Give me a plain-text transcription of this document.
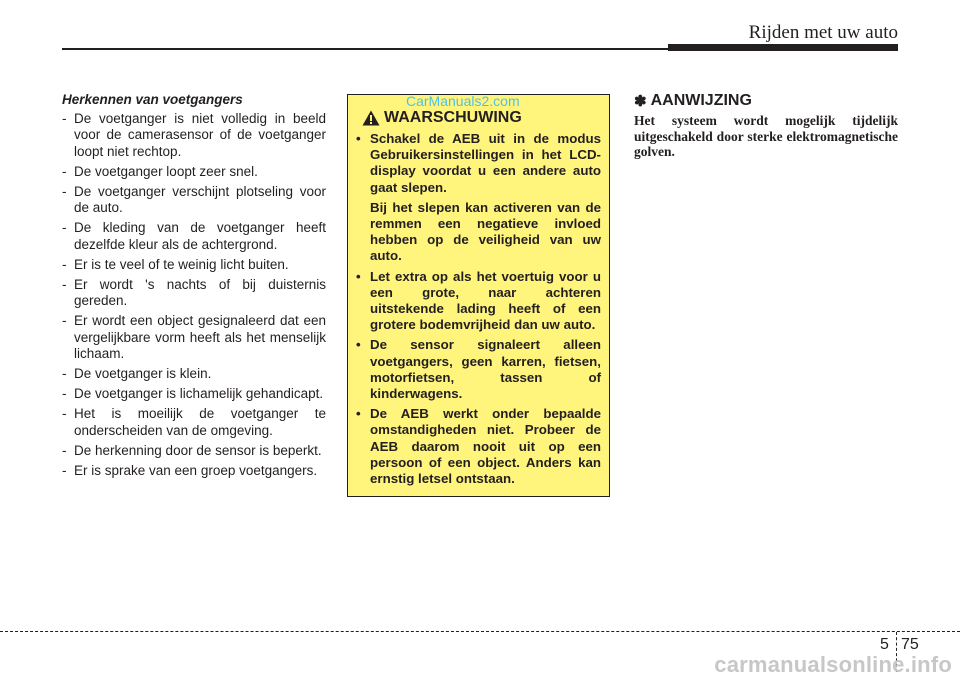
Rijden met uw auto
Herkennen van voetgangers
- De voetganger is niet volledig in beeld voor de camerasensor of de voetganger loopt niet rechtop.
- De voetganger loopt zeer snel.
- De voetganger verschijnt plotseling voor de auto.
- De kleding van de voetganger heeft dezelfde kleur als de achtergrond.
- Er is te veel of te weinig licht buiten.
- Er wordt 's nachts of bij duisternis gereden.
- Er wordt een object gesignaleerd dat een vergelijkbare vorm heeft als het menselijk lichaam.
- De voetganger is klein.
- De voetganger is lichamelijk gehandicapt.
- Het is moeilijk de voetganger te onderscheiden van de omgeving.
- De herkenning door de sensor is beperkt.
- Er is sprake van een groep voetgangers.
CarManuals2.com
WAARSCHUWING

• Schakel de AEB uit in de modus Gebruikersinstellingen in het LCD-display voordat u een andere auto gaat slepen.

Bij het slepen kan activeren van de remmen een negatieve invloed hebben op de veiligheid van uw auto.

• Let extra op als het voertuig voor u een grote, naar achteren uitstekende lading heeft of een grotere bodemvrijheid dan uw auto.

• De sensor signaleert alleen voetgangers, geen karren, fietsen, motorfietsen, tassen of kinderwagens.

• De AEB werkt onder bepaalde omstandigheden niet. Probeer de AEB daarom nooit uit op een persoon of een object. Anders kan ernstig letsel ontstaan.

✽ AANWIJZING

Het systeem wordt mogelijk tijdelijk uitgeschakeld door sterke elektromagnetische golven.

5 75
carmanualsonline.info
